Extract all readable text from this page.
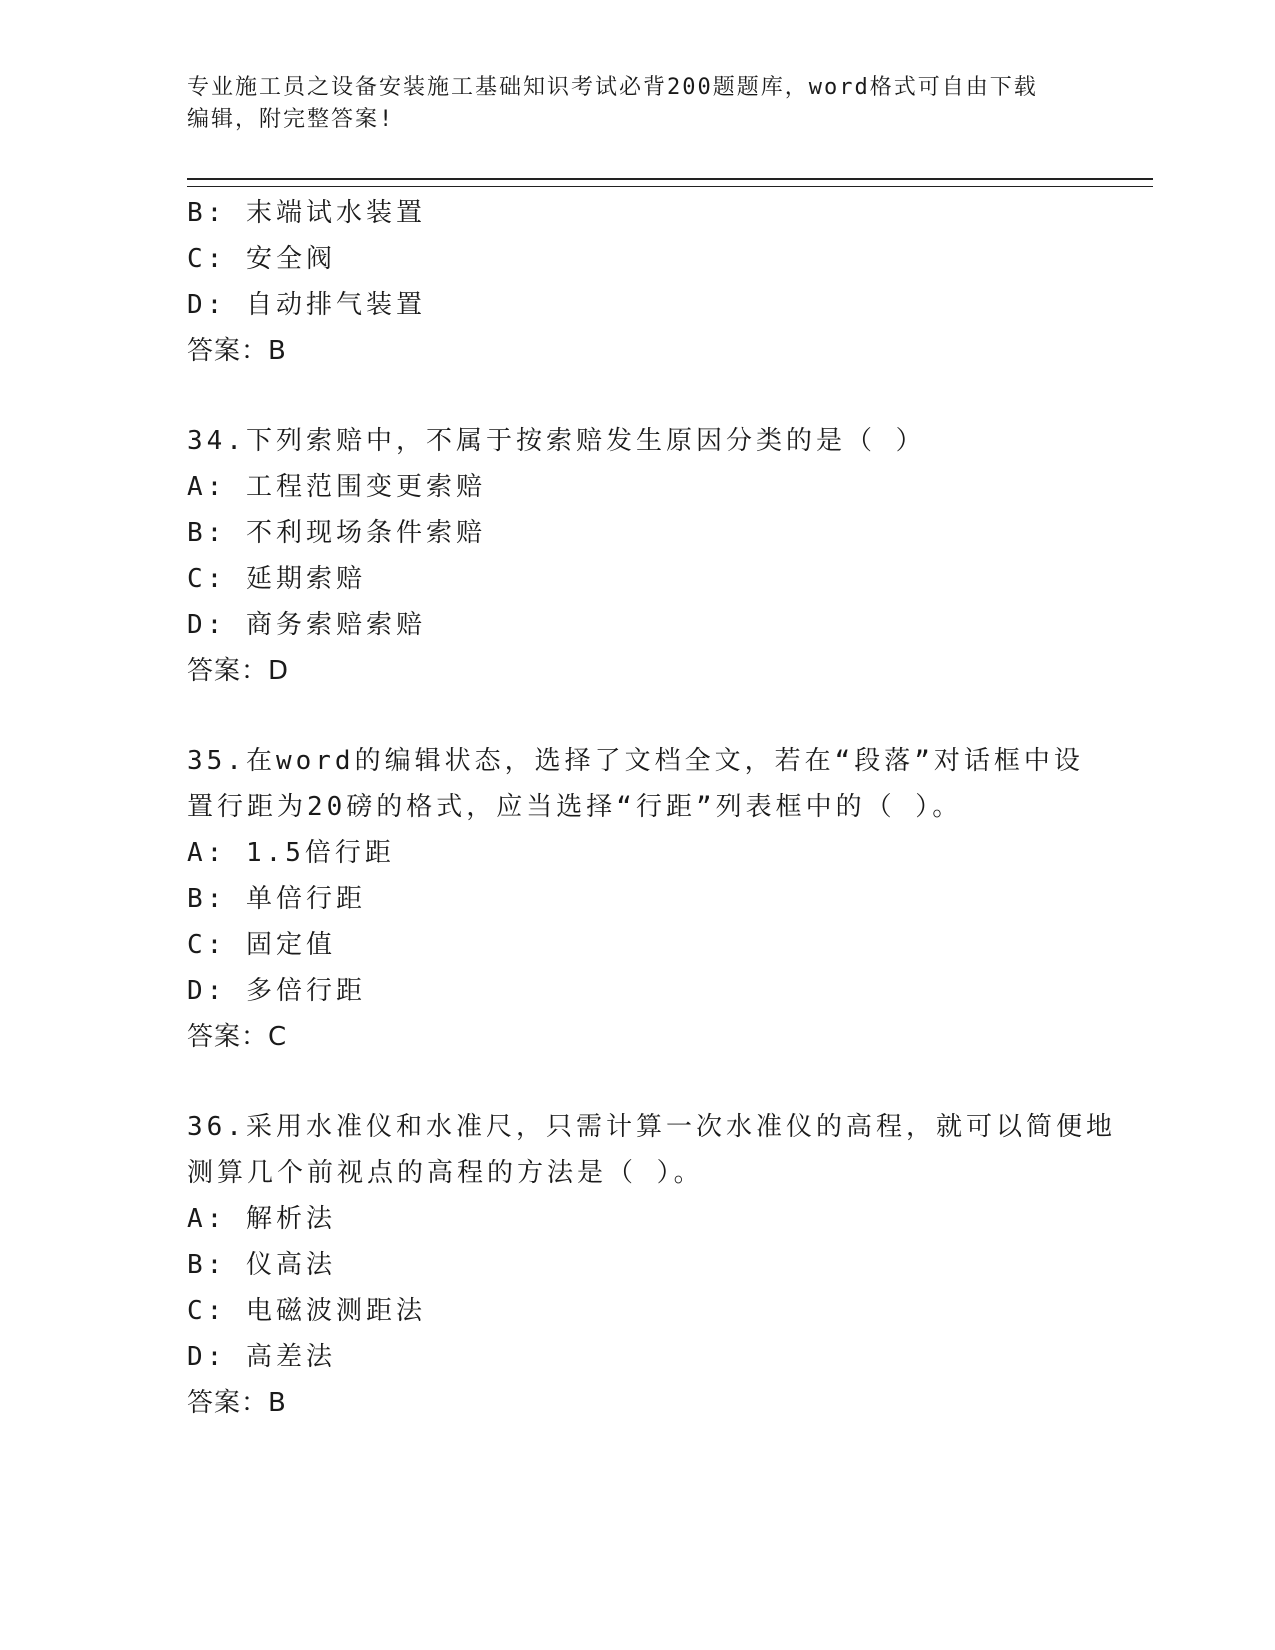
专业施工员之设备安装施工基础知识考试必背200题题库，word格式可自由下载
编辑，附完整答案!
B: 末端试水装置
C: 安全阀
D: 自动排气装置
答案：B
34.下列索赔中，不属于按索赔发生原因分类的是（ ）
A: 工程范围变更索赔
B: 不利现场条件索赔
C: 延期索赔
D: 商务索赔索赔
答案：D
35.在word的编辑状态，选择了文档全文，若在“段落”对话框中设
置行距为20磅的格式，应当选择“行距”列表框中的（ ）。
A: 1.5倍行距
B: 单倍行距
C: 固定值
D: 多倍行距
答案：C
36.采用水准仪和水准尺，只需计算一次水准仪的高程，就可以简便地
测算几个前视点的高程的方法是（ ）。
A: 解析法
B: 仪高法
C: 电磁波测距法
D: 高差法
答案：B
